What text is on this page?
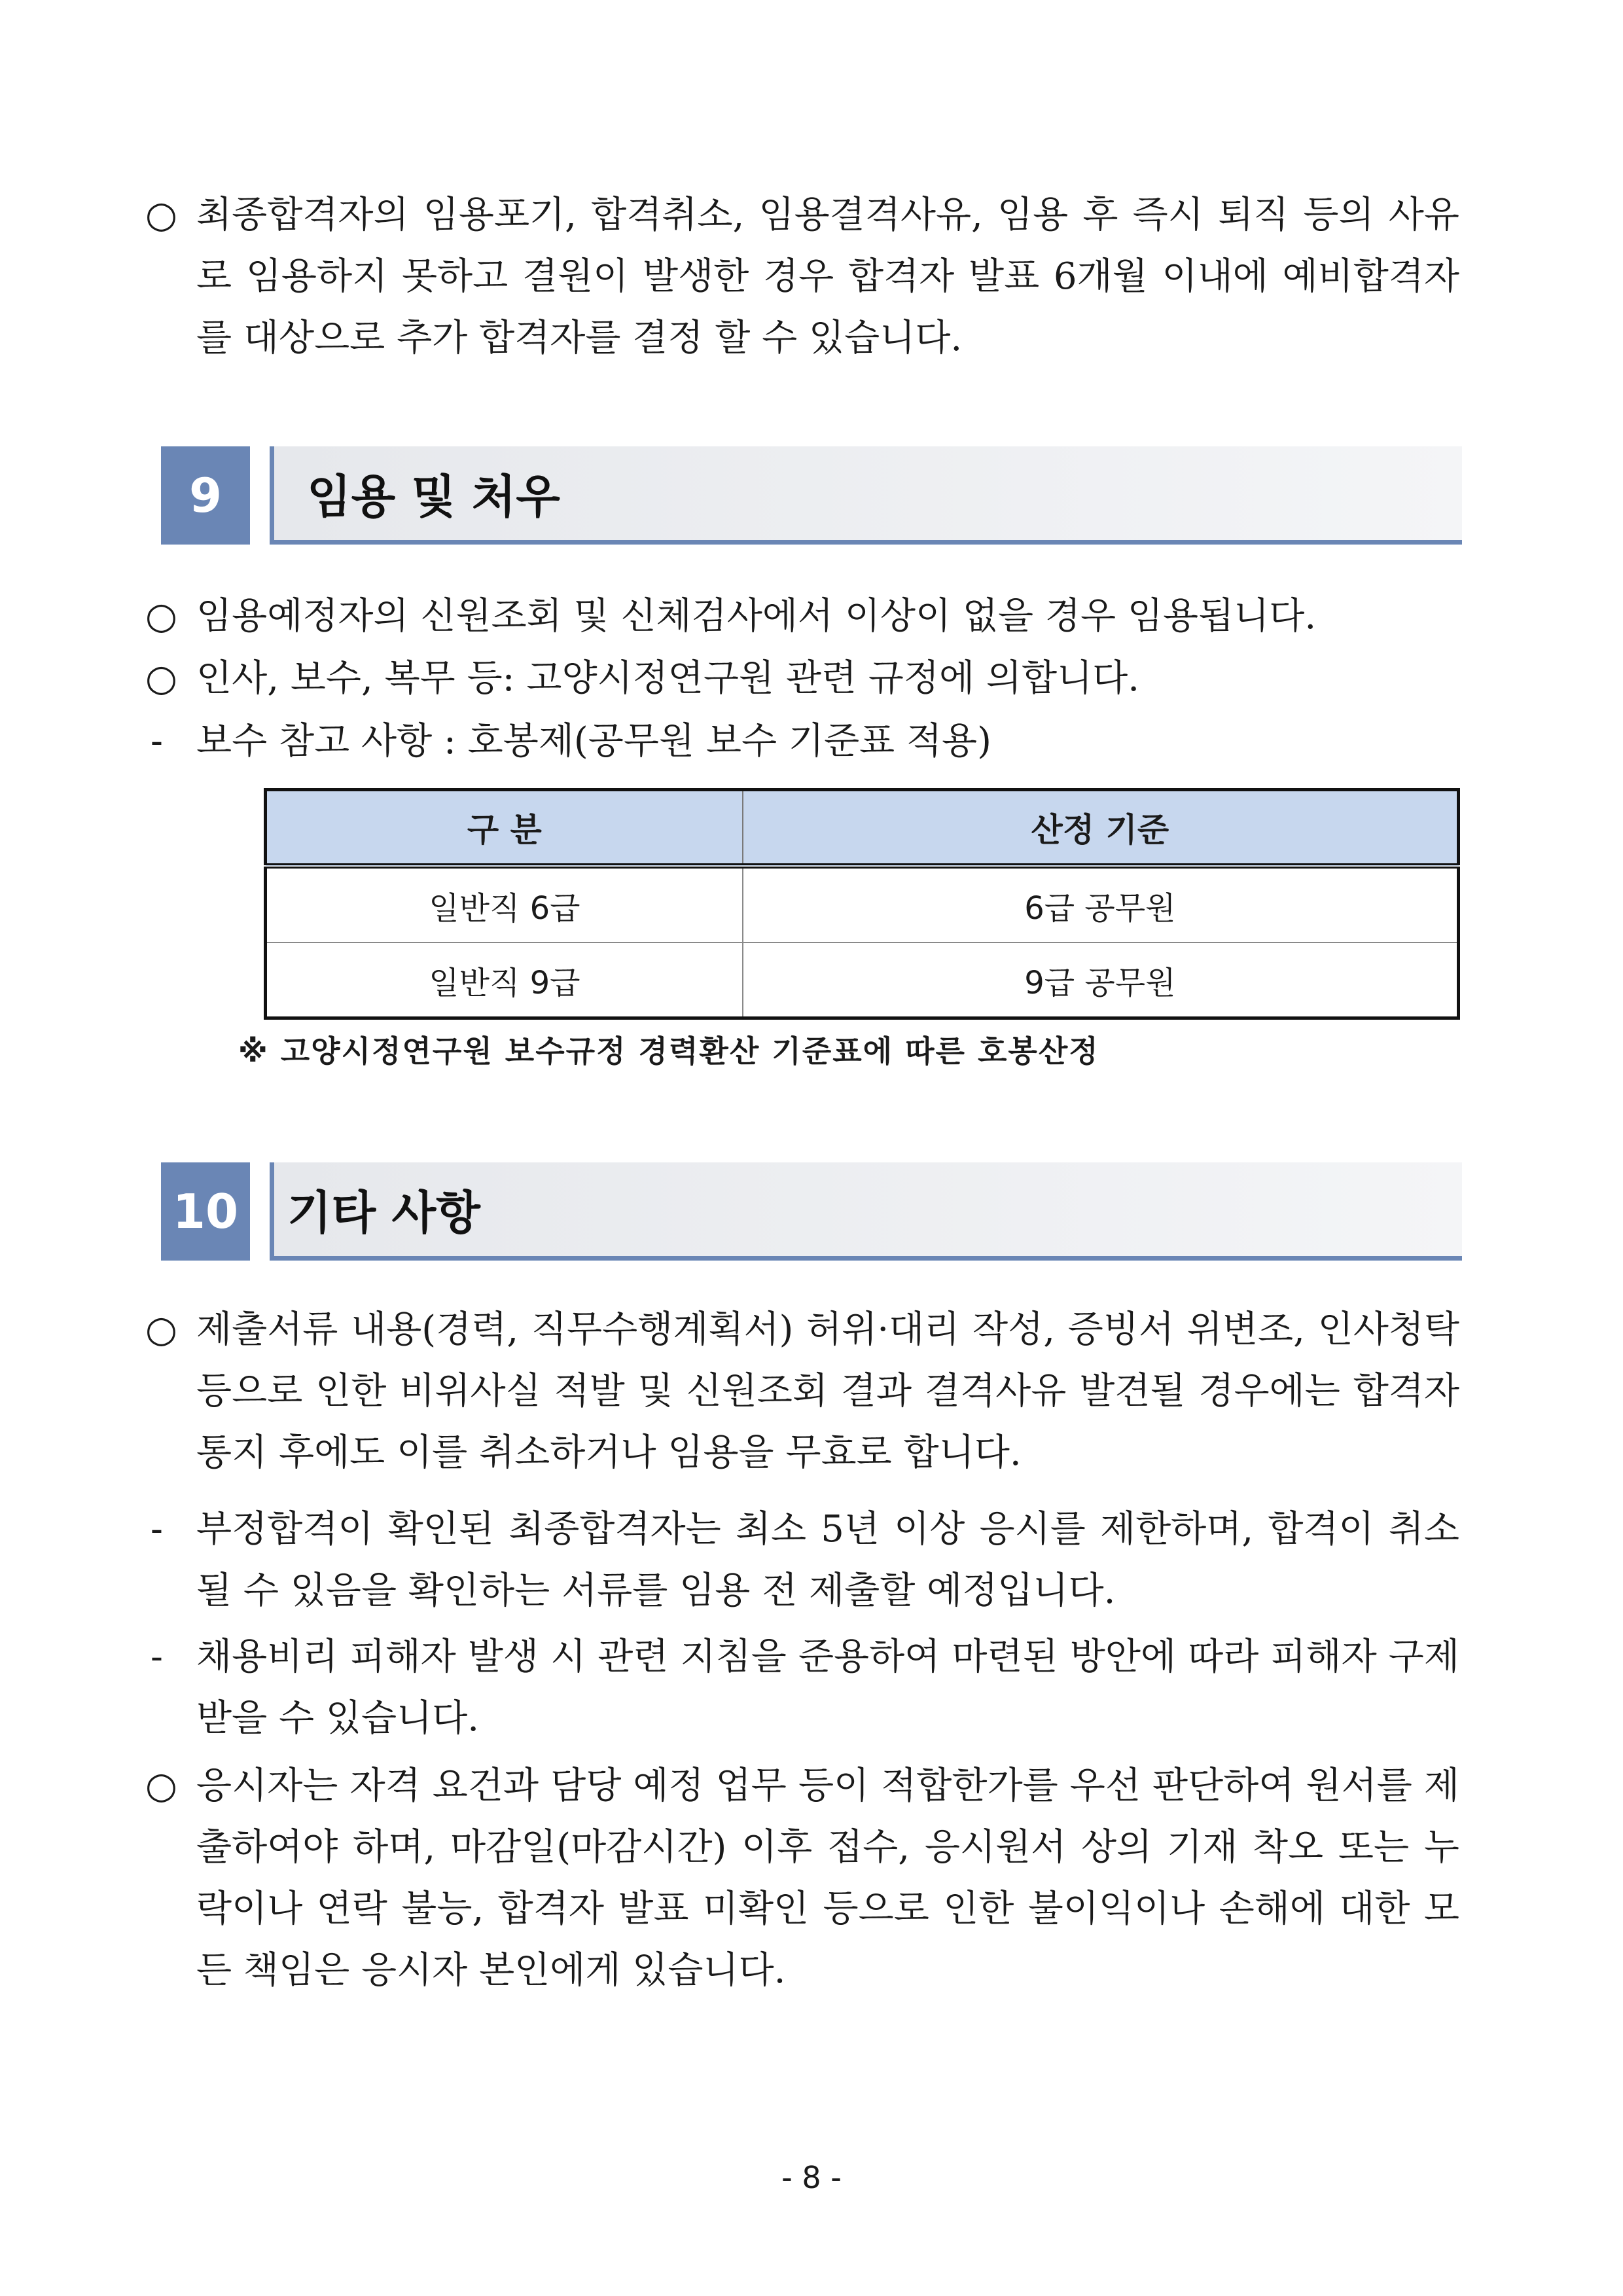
○ 최종합격자의 임용포기, 합격취소, 임용결격사유, 임용 후 즉시 퇴직 등의 사유로 임용하지 못하고 결원이 발생한 경우 합격자 발표 6개월 이내에 예비합격자를 대상으로 추가 합격자를 결정 할 수 있습니다.
9	임용 및 처우
○ 임용예정자의 신원조회 및 신체검사에서 이상이 없을 경우 임용됩니다.
○ 인사, 보수, 복무 등: 고양시정연구원 관련 규정에 의합니다.
- 보수 참고 사항 : 호봉제(공무원 보수 기준표 적용)
구 분	산정 기준
일반직 6급	6급 공무원
일반직 9급	9급 공무원
※ 고양시정연구원 보수규정 경력환산 기준표에 따른 호봉산정
10 기타 사항
○ 제출서류 내용(경력, 직무수행계획서) 허위·대리 작성, 증빙서 위변조, 인사청탁 등으로 인한 비위사실 적발 및 신원조회 결과 결격사유 발견될 경우에는 합격자 통지 후에도 이를 취소하거나 임용을 무효로 합니다.
- 부정합격이 확인된 최종합격자는 최소 5년 이상 응시를 제한하며, 합격이 취소될 수 있음을 확인하는 서류를 임용 전 제출할 예정입니다.
- 채용비리 피해자 발생 시 관련 지침을 준용하여 마련된 방안에 따라 피해자 구제 받을 수 있습니다.
○ 응시자는 자격 요건과 담당 예정 업무 등이 적합한가를 우선 판단하여 원서를 제출하여야 하며, 마감일(마감시간) 이후 접수, 응시원서 상의 기재 착오 또는 누락이나 연락 불능, 합격자 발표 미확인 등으로 인한 불이익이나 손해에 대한 모든 책임은 응시자 본인에게 있습니다.
- 8 -
